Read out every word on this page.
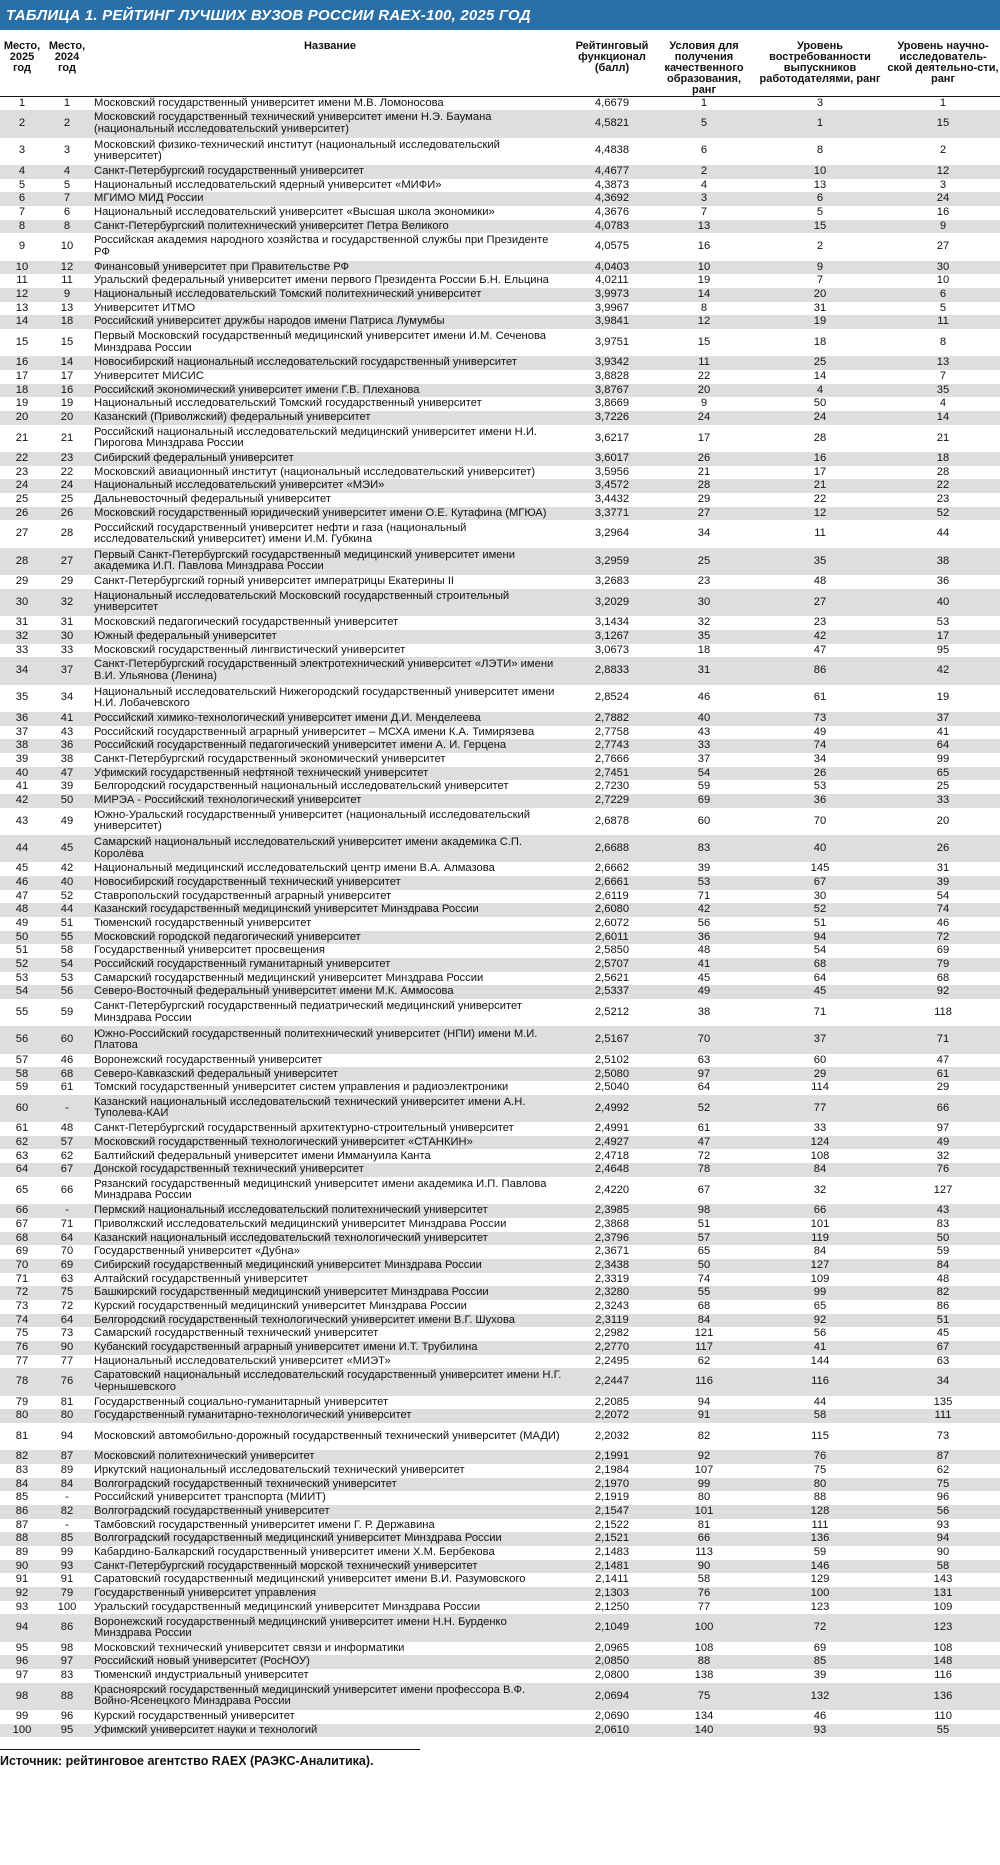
ТАБЛИЦА 1. РЕЙТИНГ ЛУЧШИХ ВУЗОВ РОССИИ RAEX-100, 2025 ГОД
Место, 2025 год	Место, 2024 год	Название	Рейтинговый функционал (балл)	Условия для получения качественного образования, ранг	Уровень востребованности выпускников работодателями, ранг	Уровень научно-исследователь-ской деятельно-сти, ранг
1	1	Московский государственный университет имени М.В. Ломоносова	4,6679	1	3	1
2	2	Московский государственный технический университет имени Н.Э. Баумана (национальный исследовательский университет)	4,5821	5	1	15
3	3	Московский физико-технический институт (национальный исследовательский университет)	4,4838	6	8	2
4	4	Санкт-Петербургский государственный университет	4,4677	2	10	12
5	5	Национальный исследовательский ядерный университет «МИФИ»	4,3873	4	13	3
6	7	МГИМО МИД России	4,3692	3	6	24
7	6	Национальный исследовательский университет «Высшая школа экономики»	4,3676	7	5	16
8	8	Санкт-Петербургский политехнический университет Петра Великого	4,0783	13	15	9
9	10	Российская академия народного хозяйства и государственной службы при Президенте РФ	4,0575	16	2	27
10	12	Финансовый университет при Правительстве РФ	4,0403	10	9	30
11	11	Уральский федеральный университет имени первого Президента России Б.Н. Ельцина	4,0211	19	7	10
12	9	Национальный исследовательский Томский политехнический университет	3,9973	14	20	6
13	13	Университет ИТМО	3,9967	8	31	5
14	18	Российский университет дружбы народов имени Патриса Лумумбы	3,9841	12	19	11
15	15	Первый Московский государственный медицинский университет имени И.М. Сеченова Минздрава России	3,9751	15	18	8
16	14	Новосибирский национальный исследовательский государственный университет	3,9342	11	25	13
17	17	Университет МИСИС	3,8828	22	14	7
18	16	Российский экономический университет имени Г.В. Плеханова	3,8767	20	4	35
19	19	Национальный исследовательский Томский государственный университет	3,8669	9	50	4
20	20	Казанский (Приволжский) федеральный университет	3,7226	24	24	14
21	21	Российский национальный исследовательский медицинский университет имени Н.И. Пирогова Минздрава России	3,6217	17	28	21
22	23	Сибирский федеральный университет	3,6017	26	16	18
23	22	Московский авиационный институт (национальный исследовательский университет)	3,5956	21	17	28
24	24	Национальный исследовательский университет «МЭИ»	3,4572	28	21	22
25	25	Дальневосточный федеральный университет	3,4432	29	22	23
26	26	Московский государственный юридический университет имени О.Е. Кутафина (МГЮА)	3,3771	27	12	52
27	28	Российский государственный университет нефти и газа (национальный исследовательский университет) имени И.М. Губкина	3,2964	34	11	44
28	27	Первый Санкт-Петербургский государственный медицинский университет имени академика И.П. Павлова Минздрава России	3,2959	25	35	38
29	29	Санкт-Петербургский горный университет императрицы Екатерины II	3,2683	23	48	36
30	32	Национальный исследовательский Московский государственный строительный университет	3,2029	30	27	40
31	31	Московский педагогический государственный университет	3,1434	32	23	53
32	30	Южный федеральный университет	3,1267	35	42	17
33	33	Московский государственный лингвистический университет	3,0673	18	47	95
34	37	Санкт-Петербургский государственный электротехнический университет «ЛЭТИ» имени В.И. Ульянова (Ленина)	2,8833	31	86	42
35	34	Национальный исследовательский Нижегородский государственный университет имени Н.И. Лобачевского	2,8524	46	61	19
36	41	Российский химико-технологический университет имени Д.И. Менделеева	2,7882	40	73	37
37	43	Российский государственный аграрный университет – МСХА имени К.А. Тимирязева	2,7758	43	49	41
38	36	Российский государственный педагогический университет имени А. И. Герцена	2,7743	33	74	64
39	38	Санкт-Петербургский государственный экономический университет	2,7666	37	34	99
40	47	Уфимский государственный нефтяной технический университет	2,7451	54	26	65
41	39	Белгородский государственный национальный исследовательский университет	2,7230	59	53	25
42	50	МИРЭА - Российский технологический университет	2,7229	69	36	33
43	49	Южно-Уральский государственный университет (национальный исследовательский университет)	2,6878	60	70	20
44	45	Самарский национальный исследовательский университет имени академика С.П. Королёва	2,6688	83	40	26
45	42	Национальный медицинский исследовательский центр имени В.А. Алмазова	2,6662	39	145	31
46	40	Новосибирский государственный технический университет	2,6661	53	67	39
47	52	Ставропольский государственный аграрный университет	2,6119	71	30	54
48	44	Казанский государственный медицинский университет Минздрава России	2,6080	42	52	74
49	51	Тюменский государственный университет	2,6072	56	51	46
50	55	Московский городской педагогический университет	2,6011	36	94	72
51	58	Государственный университет просвещения	2,5850	48	54	69
52	54	Российский государственный гуманитарный университет	2,5707	41	68	79
53	53	Самарский государственный медицинский университет Минздрава России	2,5621	45	64	68
54	56	Северо-Восточный федеральный университет имени М.К. Аммосова	2,5337	49	45	92
55	59	Санкт-Петербургский государственный педиатрический медицинский университет Минздрава России	2,5212	38	71	118
56	60	Южно-Российский государственный политехнический университет (НПИ) имени М.И. Платова	2,5167	70	37	71
57	46	Воронежский государственный университет	2,5102	63	60	47
58	68	Северо-Кавказский федеральный университет	2,5080	97	29	61
59	61	Томский государственный университет систем управления и радиоэлектроники	2,5040	64	114	29
60	-	Казанский национальный исследовательский технический университет имени А.Н. Туполева-КАИ	2,4992	52	77	66
61	48	Санкт-Петербургский государственный архитектурно-строительный университет	2,4991	61	33	97
62	57	Московский государственный технологический университет «СТАНКИН»	2,4927	47	124	49
63	62	Балтийский федеральный университет имени Иммануила Канта	2,4718	72	108	32
64	67	Донской государственный технический университет	2,4648	78	84	76
65	66	Рязанский государственный медицинский университет имени академика И.П. Павлова Минздрава России	2,4220	67	32	127
66	-	Пермский национальный исследовательский политехнический университет	2,3985	98	66	43
67	71	Приволжский исследовательский медицинский университет Минздрава России	2,3868	51	101	83
68	64	Казанский национальный исследовательский технологический университет	2,3796	57	119	50
69	70	Государственный университет «Дубна»	2,3671	65	84	59
70	69	Сибирский государственный медицинский университет Минздрава России	2,3438	50	127	84
71	63	Алтайский государственный университет	2,3319	74	109	48
72	75	Башкирский государственный медицинский университет Минздрава России	2,3280	55	99	82
73	72	Курский государственный медицинский университет Минздрава России	2,3243	68	65	86
74	64	Белгородский государственный технологический университет имени В.Г. Шухова	2,3119	84	92	51
75	73	Самарский государственный технический университет	2,2982	121	56	45
76	90	Кубанский государственный аграрный университет имени И.Т. Трубилина	2,2770	117	41	67
77	77	Национальный исследовательский университет «МИЭТ»	2,2495	62	144	63
78	76	Саратовский национальный исследовательский государственный университет имени Н.Г. Чернышевского	2,2447	116	116	34
79	81	Государственный социально-гуманитарный университет	2,2085	94	44	135
80	80	Государственный гуманитарно-технологический университет	2,2072	91	58	111
81	94	Московский автомобильно-дорожный государственный технический университет (МАДИ)	2,2032	82	115	73
82	87	Московский политехнический университет	2,1991	92	76	87
83	89	Иркутский национальный исследовательский технический университет	2,1984	107	75	62
84	84	Волгоградский государственный технический университет	2,1970	99	80	75
85	-	Российский университет транспорта (МИИТ)	2,1919	80	88	96
86	82	Волгоградский государственный университет	2,1547	101	128	56
87	-	Тамбовский государственный университет имени Г. Р. Державина	2,1522	81	111	93
88	85	Волгоградский государственный медицинский университет Минздрава России	2,1521	66	136	94
89	99	Кабардино-Балкарский государственный университет имени Х.М. Бербекова	2,1483	113	59	90
90	93	Санкт-Петербургский государственный морской технический университет	2,1481	90	146	58
91	91	Саратовский государственный медицинский университет имени В.И. Разумовского	2,1411	58	129	143
92	79	Государственный университет управления	2,1303	76	100	131
93	100	Уральский государственный медицинский университет Минздрава России	2,1250	77	123	109
94	86	Воронежский государственный медицинский университет имени Н.Н. Бурденко Минздрава России	2,1049	100	72	123
95	98	Московский технический университет связи и информатики	2,0965	108	69	108
96	97	Российский новый университет (РосНОУ)	2,0850	88	85	148
97	83	Тюменский индустриальный университет	2,0800	138	39	116
98	88	Красноярский государственный медицинский университет имени профессора В.Ф. Войно-Ясенецкого Минздрава России	2,0694	75	132	136
99	96	Курский государственный университет	2,0690	134	46	110
100	95	Уфимский университет науки и технологий	2,0610	140	93	55
Источник: рейтинговое агентство RAEX (РАЭКС-Аналитика).
